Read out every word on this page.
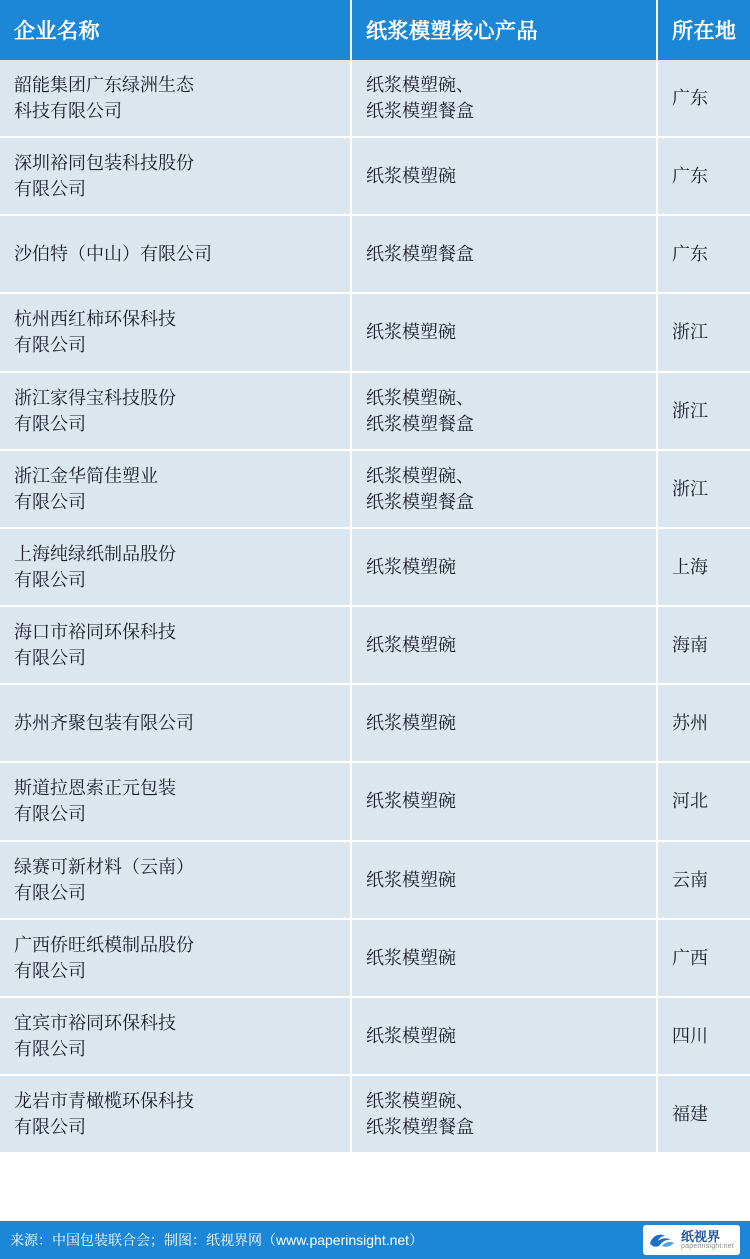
企业名称	纸浆模塑核心产品	所在地

韶能集团广东绿洲生态
科技有限公司	纸浆模塑碗、
纸浆模塑餐盒	广东

深圳裕同包装科技股份
有限公司	纸浆模塑碗	广东

沙伯特（中山）有限公司	纸浆模塑餐盒	广东

杭州西红柿环保科技
有限公司	纸浆模塑碗	浙江

浙江家得宝科技股份
有限公司	纸浆模塑碗、
纸浆模塑餐盒	浙江

浙江金华简佳塑业
有限公司	纸浆模塑碗、
纸浆模塑餐盒	浙江

上海纯绿纸制品股份
有限公司	纸浆模塑碗	上海

海口市裕同环保科技
有限公司	纸浆模塑碗	海南

苏州齐聚包装有限公司	纸浆模塑碗	苏州

斯道拉恩索正元包装
有限公司	纸浆模塑碗	河北

绿赛可新材料（云南）
有限公司	纸浆模塑碗	云南

广西侨旺纸模制品股份
有限公司	纸浆模塑碗	广西

宜宾市裕同环保科技
有限公司	纸浆模塑碗	四川

龙岩市青橄榄环保科技
有限公司	纸浆模塑碗、
纸浆模塑餐盒	福建
来源：中国包装联合会；制图：纸视界网（www.paperinsight.net）	纸视界
paperinsight.net
